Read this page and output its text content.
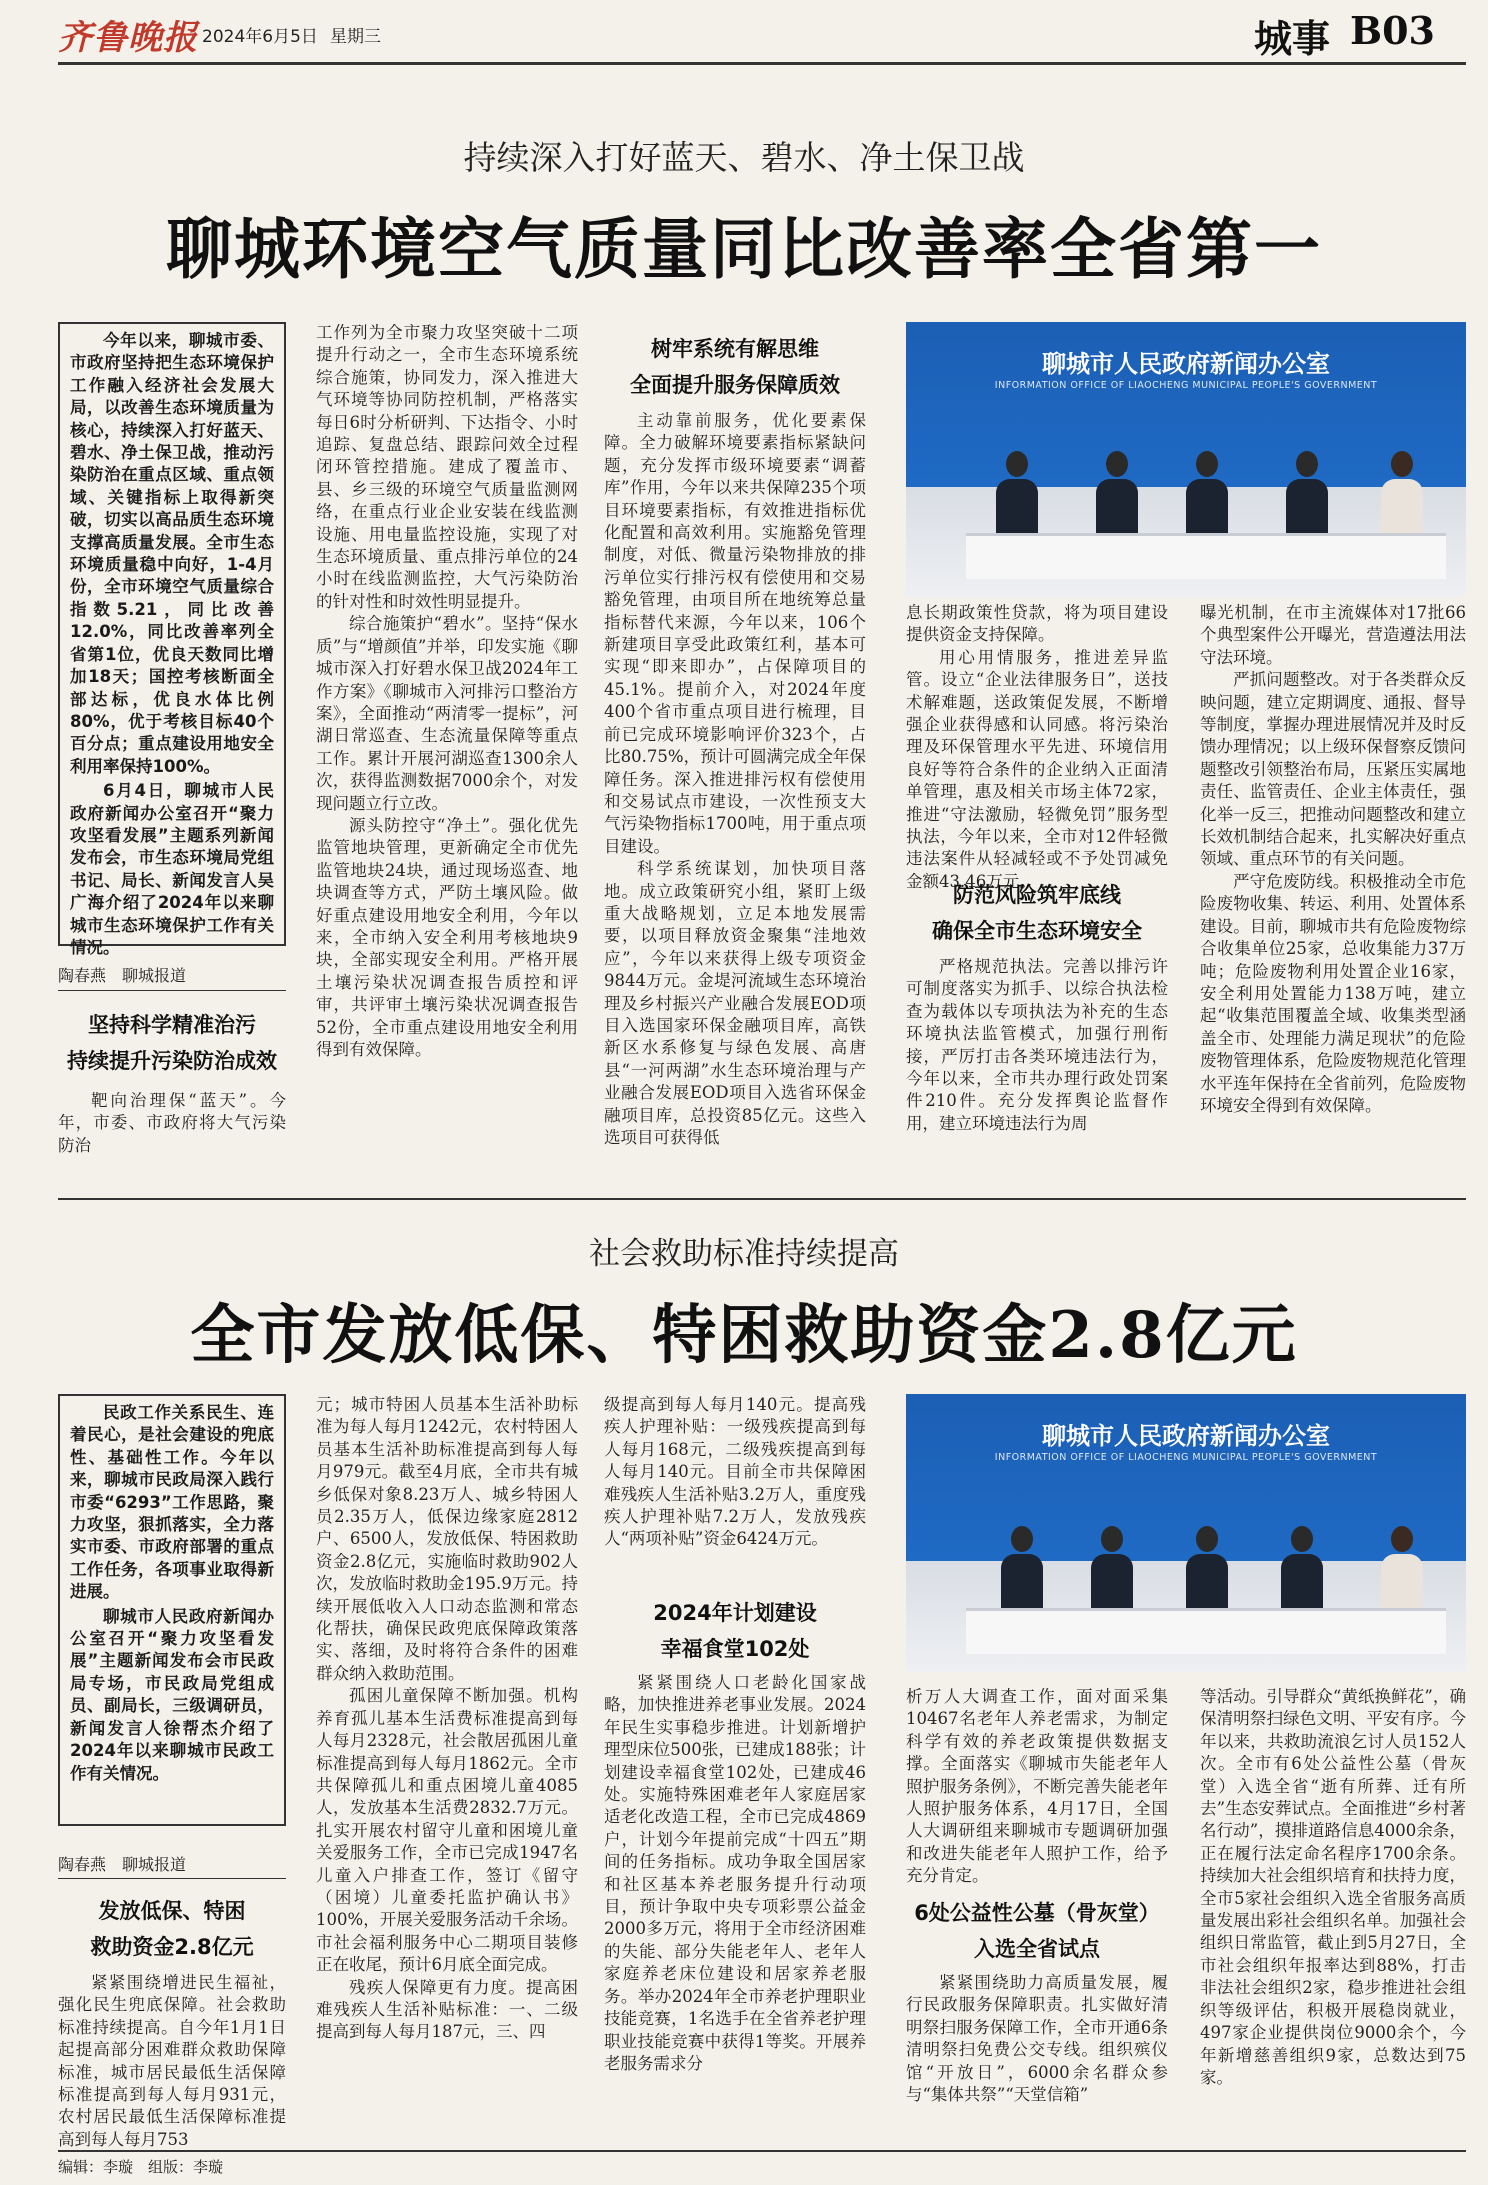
齐鲁晚报 2024年6月5日 星期三	城事 B03
持续深入打好蓝天、碧水、净土保卫战
聊城环境空气质量同比改善率全省第一

今年以来，聊城市委、市政府坚持把生态环境保护工作融入经济社会发展大局，以改善生态环境质量为核心，持续深入打好蓝天、碧水、净土保卫战，推动污染防治在重点区域、重点领域、关键指标上取得新突破，切实以高品质生态环境支撑高质量发展。全市生态环境质量稳中向好，1-4月份，全市环境空气质量综合指数5.21，同比改善12.0%，同比改善率列全省第1位，优良天数同比增加18天；国控考核断面全部达标，优良水体比例80%，优于考核目标40个百分点；重点建设用地安全利用率保持100%。

6月4日，聊城市人民政府新闻办公室召开“聚力攻坚看发展”主题系列新闻发布会，市生态环境局党组书记、局长、新闻发言人吴广海介绍了2024年以来聊城市生态环境保护工作有关情况。

陶春燕　聊城报道
坚持科学精准治污
持续提升污染防治成效

靶向治理保“蓝天”。今年，市委、市政府将大气污染防治

工作列为全市聚力攻坚突破十二项提升行动之一，全市生态环境系统综合施策，协同发力，深入推进大气环境等协同防控机制，严格落实每日6时分析研判、下达指令、小时追踪、复盘总结、跟踪问效全过程闭环管控措施。建成了覆盖市、县、乡三级的环境空气质量监测网络，在重点行业企业安装在线监测设施、用电量监控设施，实现了对生态环境质量、重点排污单位的24小时在线监测监控，大气污染防治的针对性和时效性明显提升。

综合施策护“碧水”。坚持“保水质”与“增颜值”并举，印发实施《聊城市深入打好碧水保卫战2024年工作方案》《聊城市入河排污口整治方案》，全面推动“两清零一提标”，河湖日常巡查、生态流量保障等重点工作。累计开展河湖巡查1300余人次，获得监测数据7000余个，对发现问题立行立改。

源头防控守“净土”。强化优先监管地块管理，更新确定全市优先监管地块24块，通过现场巡查、地块调查等方式，严防土壤风险。做好重点建设用地安全利用，今年以来，全市纳入安全利用考核地块9块，全部实现安全利用。严格开展土壤污染状况调查报告质控和评审，共评审土壤污染状况调查报告52份，全市重点建设用地安全利用得到有效保障。

树牢系统有解思维
全面提升服务保障质效

主动靠前服务，优化要素保障。全力破解环境要素指标紧缺问题，充分发挥市级环境要素“调蓄库”作用，今年以来共保障235个项目环境要素指标，有效推进指标优化配置和高效利用。实施豁免管理制度，对低、微量污染物排放的排污单位实行排污权有偿使用和交易豁免管理，由项目所在地统筹总量指标替代来源，今年以来，106个新建项目享受此政策红利，基本可实现“即来即办”，占保障项目的45.1%。提前介入，对2024年度400个省市重点项目进行梳理，目前已完成环境影响评价323个，占比80.75%，预计可圆满完成全年保障任务。深入推进排污权有偿使用和交易试点市建设，一次性预支大气污染物指标1700吨，用于重点项目建设。

科学系统谋划，加快项目落地。成立政策研究小组，紧盯上级重大战略规划，立足本地发展需要，以项目释放资金聚集“洼地效应”，今年以来获得上级专项资金9844万元。金堤河流域生态环境治理及乡村振兴产业融合发展EOD项目入选国家环保金融项目库，高铁新区水系修复与绿色发展、高唐县“一河两湖”水生态环境治理与产业融合发展EOD项目入选省环保金融项目库，总投资85亿元。这些入选项目可获得低

聊城市人民政府新闻办公室
INFORMATION OFFICE OF LIAOCHENG MUNICIPAL PEOPLE'S GOVERNMENT

息长期政策性贷款，将为项目建设提供资金支持保障。

用心用情服务，推进差异监管。设立“企业法律服务日”，送技术解难题，送政策促发展，不断增强企业获得感和认同感。将污染治理及环保管理水平先进、环境信用良好等符合条件的企业纳入正面清单管理，惠及相关市场主体72家，推进“守法激励，轻微免罚”服务型执法，今年以来，全市对12件轻微违法案件从轻减轻或不予处罚减免金额43.46万元。

防范风险筑牢底线
确保全市生态环境安全

严格规范执法。完善以排污许可制度落实为抓手、以综合执法检查为载体以专项执法为补充的生态环境执法监管模式，加强行刑衔接，严厉打击各类环境违法行为，今年以来，全市共办理行政处罚案件210件。充分发挥舆论监督作用，建立环境违法行为周

曝光机制，在市主流媒体对17批66个典型案件公开曝光，营造遵法用法守法环境。

严抓问题整改。对于各类群众反映问题，建立定期调度、通报、督导等制度，掌握办理进展情况并及时反馈办理情况；以上级环保督察反馈问题整改引领整治布局，压紧压实属地责任、监管责任、企业主体责任，强化举一反三，把推动问题整改和建立长效机制结合起来，扎实解决好重点领域、重点环节的有关问题。

严守危废防线。积极推动全市危险废物收集、转运、利用、处置体系建设。目前，聊城市共有危险废物综合收集单位25家，总收集能力37万吨；危险废物利用处置企业16家，安全利用处置能力138万吨，建立起“收集范围覆盖全域、收集类型涵盖全市、处理能力满足现状”的危险废物管理体系，危险废物规范化管理水平连年保持在全省前列，危险废物环境安全得到有效保障。

社会救助标准持续提高
全市发放低保、特困救助资金2.8亿元

民政工作关系民生、连着民心，是社会建设的兜底性、基础性工作。今年以来，聊城市民政局深入践行市委“6293”工作思路，聚力攻坚，狠抓落实，全力落实市委、市政府部署的重点工作任务，各项事业取得新进展。

聊城市人民政府新闻办公室召开“聚力攻坚看发展”主题新闻发布会市民政局专场，市民政局党组成员、副局长，三级调研员，新闻发言人徐帮杰介绍了2024年以来聊城市民政工作有关情况。

陶春燕　聊城报道
发放低保、特困
救助资金2.8亿元

紧紧围绕增进民生福祉，强化民生兜底保障。社会救助标准持续提高。自今年1月1日起提高部分困难群众救助保障标准，城市居民最低生活保障标准提高到每人每月931元，农村居民最低生活保障标准提高到每人每月753

元；城市特困人员基本生活补助标准为每人每月1242元，农村特困人员基本生活补助标准提高到每人每月979元。截至4月底，全市共有城乡低保对象8.23万人、城乡特困人员2.35万人，低保边缘家庭2812户、6500人，发放低保、特困救助资金2.8亿元，实施临时救助902人次，发放临时救助金195.9万元。持续开展低收入人口动态监测和常态化帮扶，确保民政兜底保障政策落实、落细，及时将符合条件的困难群众纳入救助范围。

孤困儿童保障不断加强。机构养育孤儿基本生活费标准提高到每人每月2328元，社会散居孤困儿童标准提高到每人每月1862元。全市共保障孤儿和重点困境儿童4085人，发放基本生活费2832.7万元。扎实开展农村留守儿童和困境儿童关爱服务工作，全市已完成1947名儿童入户排查工作，签订《留守（困境）儿童委托监护确认书》100%，开展关爱服务活动千余场。市社会福利服务中心二期项目装修正在收尾，预计6月底全面完成。

残疾人保障更有力度。提高困难残疾人生活补贴标准：一、二级提高到每人每月187元，三、四

级提高到每人每月140元。提高残疾人护理补贴：一级残疾提高到每人每月168元，二级残疾提高到每人每月140元。目前全市共保障困难残疾人生活补贴3.2万人，重度残疾人护理补贴7.2万人，发放残疾人“两项补贴”资金6424万元。

2024年计划建设
幸福食堂102处

紧紧围绕人口老龄化国家战略，加快推进养老事业发展。2024年民生实事稳步推进。计划新增护理型床位500张，已建成188张；计划建设幸福食堂102处，已建成46处。实施特殊困难老年人家庭居家适老化改造工程，全市已完成4869户，计划今年提前完成“十四五”期间的任务指标。成功争取全国居家和社区基本养老服务提升行动项目，预计争取中央专项彩票公益金2000多万元，将用于全市经济困难的失能、部分失能老年人、老年人家庭养老床位建设和居家养老服务。举办2024年全市养老护理职业技能竞赛，1名选手在全省养老护理职业技能竞赛中获得1等奖。开展养老服务需求分

聊城市人民政府新闻办公室
INFORMATION OFFICE OF LIAOCHENG MUNICIPAL PEOPLE'S GOVERNMENT

析万人大调查工作，面对面采集10467名老年人养老需求，为制定科学有效的养老政策提供数据支撑。全面落实《聊城市失能老年人照护服务条例》，不断完善失能老年人照护服务体系，4月17日，全国人大调研组来聊城市专题调研加强和改进失能老年人照护工作，给予充分肯定。

6处公益性公墓（骨灰堂）
入选全省试点

紧紧围绕助力高质量发展，履行民政服务保障职责。扎实做好清明祭扫服务保障工作，全市开通6条清明祭扫免费公交专线。组织殡仪馆“开放日”，6000余名群众参与“集体共祭”“天堂信箱”

等活动。引导群众“黄纸换鲜花”，确保清明祭扫绿色文明、平安有序。今年以来，共救助流浪乞讨人员152人次。全市有6处公益性公墓（骨灰堂）入选全省“逝有所葬、迁有所去”生态安葬试点。全面推进“乡村著名行动”，摸排道路信息4000余条，正在履行法定命名程序1700余条。持续加大社会组织培育和扶持力度，全市5家社会组织入选全省服务高质量发展出彩社会组织名单。加强社会组织日常监管，截止到5月27日，全市社会组织年报率达到88%，打击非法社会组织2家，稳步推进社会组织等级评估，积极开展稳岗就业，497家企业提供岗位9000余个，今年新增慈善组织9家，总数达到75家。

编辑：李璇　组版：李璇
